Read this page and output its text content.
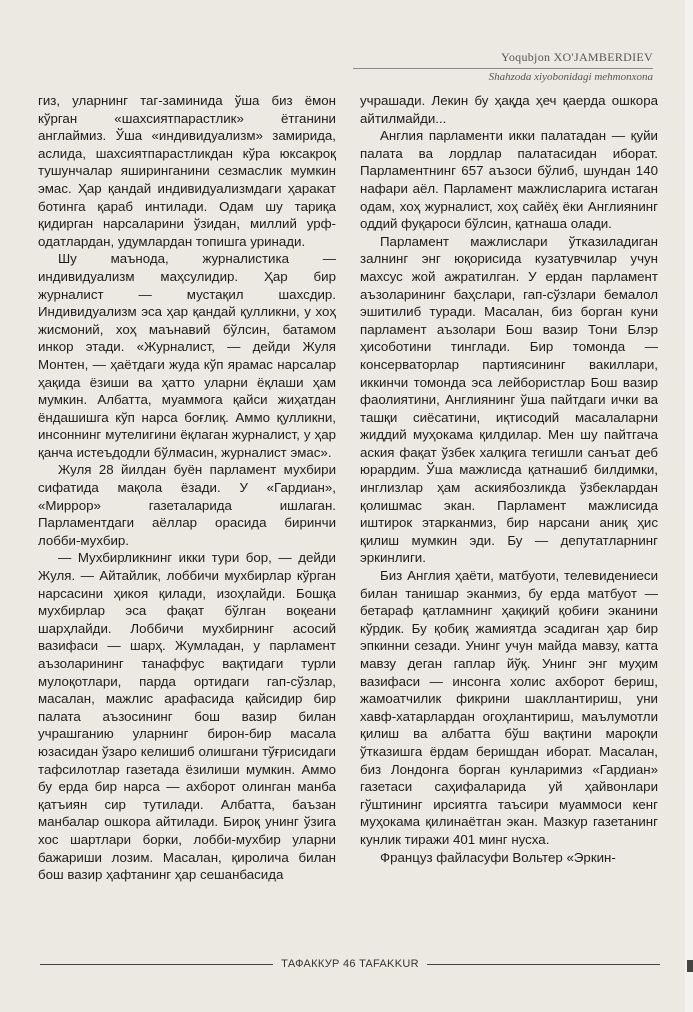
Yoqubjon XO'JAMBERDIEV
Shahzoda xiyobonidagi mehmonxona

гиз, уларнинг таг-заминида ўша биз ёмон кўрган «шахсиятпарастлик» ётганини англаймиз. Ўша «индивидуализм» замирида, аслида, шахсиятпарастликдан кўра юксакроқ тушунчалар яширинганини сезмаслик мумкин эмас. Ҳар қандай индивидуализмдаги ҳаракат ботинга қараб интилади. Одам шу тариқа қидирган нарсаларини ўзидан, миллий урф-одатлардан, удумлардан топишга уринади.

Шу маънода, журналистика — индивидуализм маҳсулидир. Ҳар бир журналист — мустақил шахсдир. Индивидуализм эса ҳар қандай қулликни, у хоҳ жисмоний, хоҳ маънавий бўлсин, батамом инкор этади. «Журналист, — дейди Жуля Монтен, — ҳаётдаги жуда кўп ярамас нарсалар ҳақида ёзиши ва ҳатто уларни ёқлаши ҳам мумкин. Албатта, муаммога қайси жиҳатдан ёндашишга кўп нарса боғлиқ. Аммо қулликни, инсоннинг мутелигини ёқлаган журналист, у ҳар қанча истеъдодли бўлмасин, журналист эмас».

Жуля 28 йилдан буён парламент мухбири сифатида мақола ёзади. У «Гардиан», «Миррор» газеталарида ишлаган. Парламентдаги аёллар орасида биринчи лобби-мухбир.

— Мухбирликнинг икки тури бор, — дейди Жуля. — Айтайлик, лоббичи мухбирлар кўрган нарсасини ҳикоя қилади, изоҳлайди. Бошқа мухбирлар эса фақат бўлган воқеани шарҳлайди. Лоббичи мухбирнинг асосий вазифаси — шарҳ. Жумладан, у парламент аъзоларининг танаффус вақтидаги турли мулоқотлари, парда ортидаги гап-сўзлар, масалан, мажлис арафасида қайсидир бир палата аъзосининг бош вазир билан учрашганию уларнинг бирон-бир масала юзасидан ўзаро келишиб олишгани тўғрисидаги тафсилотлар газетада ёзилиши мумкин. Аммо бу ерда бир нарса — ахборот олинган манба қатъиян сир тутилади. Албатта, баъзан манбалар ошкора айтилади. Бироқ унинг ўзига хос шартлари борки, лобби-мухбир уларни бажариши лозим. Масалан, қиролича билан бош вазир ҳафтанинг ҳар сешанбасида

учрашади. Лекин бу ҳақда ҳеч қаерда ошкора айтилмайди...

Англия парламенти икки палатадан — қуйи палата ва лордлар палатасидан иборат. Парламентнинг 657 аъзоси бўлиб, шундан 140 нафари аёл. Парламент мажлисларига истаган одам, хоҳ журналист, хоҳ сайёҳ ёки Англиянинг оддий фуқароси бўлсин, қатнаша олади.

Парламент мажлислари ўтказиладиган залнинг энг юқорисида кузатувчилар учун махсус жой ажратилган. У ердан парламент аъзоларининг баҳслари, гап-сўзлари бемалол эшитилиб туради. Масалан, биз борган куни парламент аъзолари Бош вазир Тони Блэр ҳисоботини тинглади. Бир томонда — консерваторлар партиясининг вакиллари, иккинчи томонда эса лейбористлар Бош вазир фаолиятини, Англиянинг ўша пайтдаги ички ва ташқи сиёсатини, иқтисодий масалаларни жиддий муҳокама қилдилар. Мен шу пайтгача аския фақат ўзбек халқига тегишли санъат деб юрардим. Ўша мажлисда қатнашиб билдимки, инглизлар ҳам аскиябозликда ўзбеклардан қолишмас экан. Парламент мажлисида иштирок этарканмиз, бир нарсани аниқ ҳис қилиш мумкин эди. Бу — депутатларнинг эркинлиги.

Биз Англия ҳаёти, матбуоти, телевидениеси билан танишар эканмиз, бу ерда матбуот — бетараф қатламнинг ҳақиқий қобиғи эканини кўрдик. Бу қобиқ жамиятда эсадиган ҳар бир эпкинни сезади. Унинг учун майда мавзу, катта мавзу деган гаплар йўқ. Унинг энг муҳим вазифаси — инсонга холис ахборот бериш, жамоатчилик фикрини шакллантириш, уни хавф-хатарлардан огоҳлантириш, маълумотли қилиш ва албатта бўш вақтини мароқли ўтказишга ёрдам беришдан иборат. Масалан, биз Лондонга борган кунларимиз «Гардиан» газетаси саҳифаларида уй ҳайвонлари гўштининг ирсиятга таъсири муаммоси кенг муҳокама қилинаётган экан. Мазкур газетанинг кунлик тиражи 401 минг нусха.

Француз файласуфи Вольтер «Эркин-

ТАФАККУР 46 TAFAKKUR
